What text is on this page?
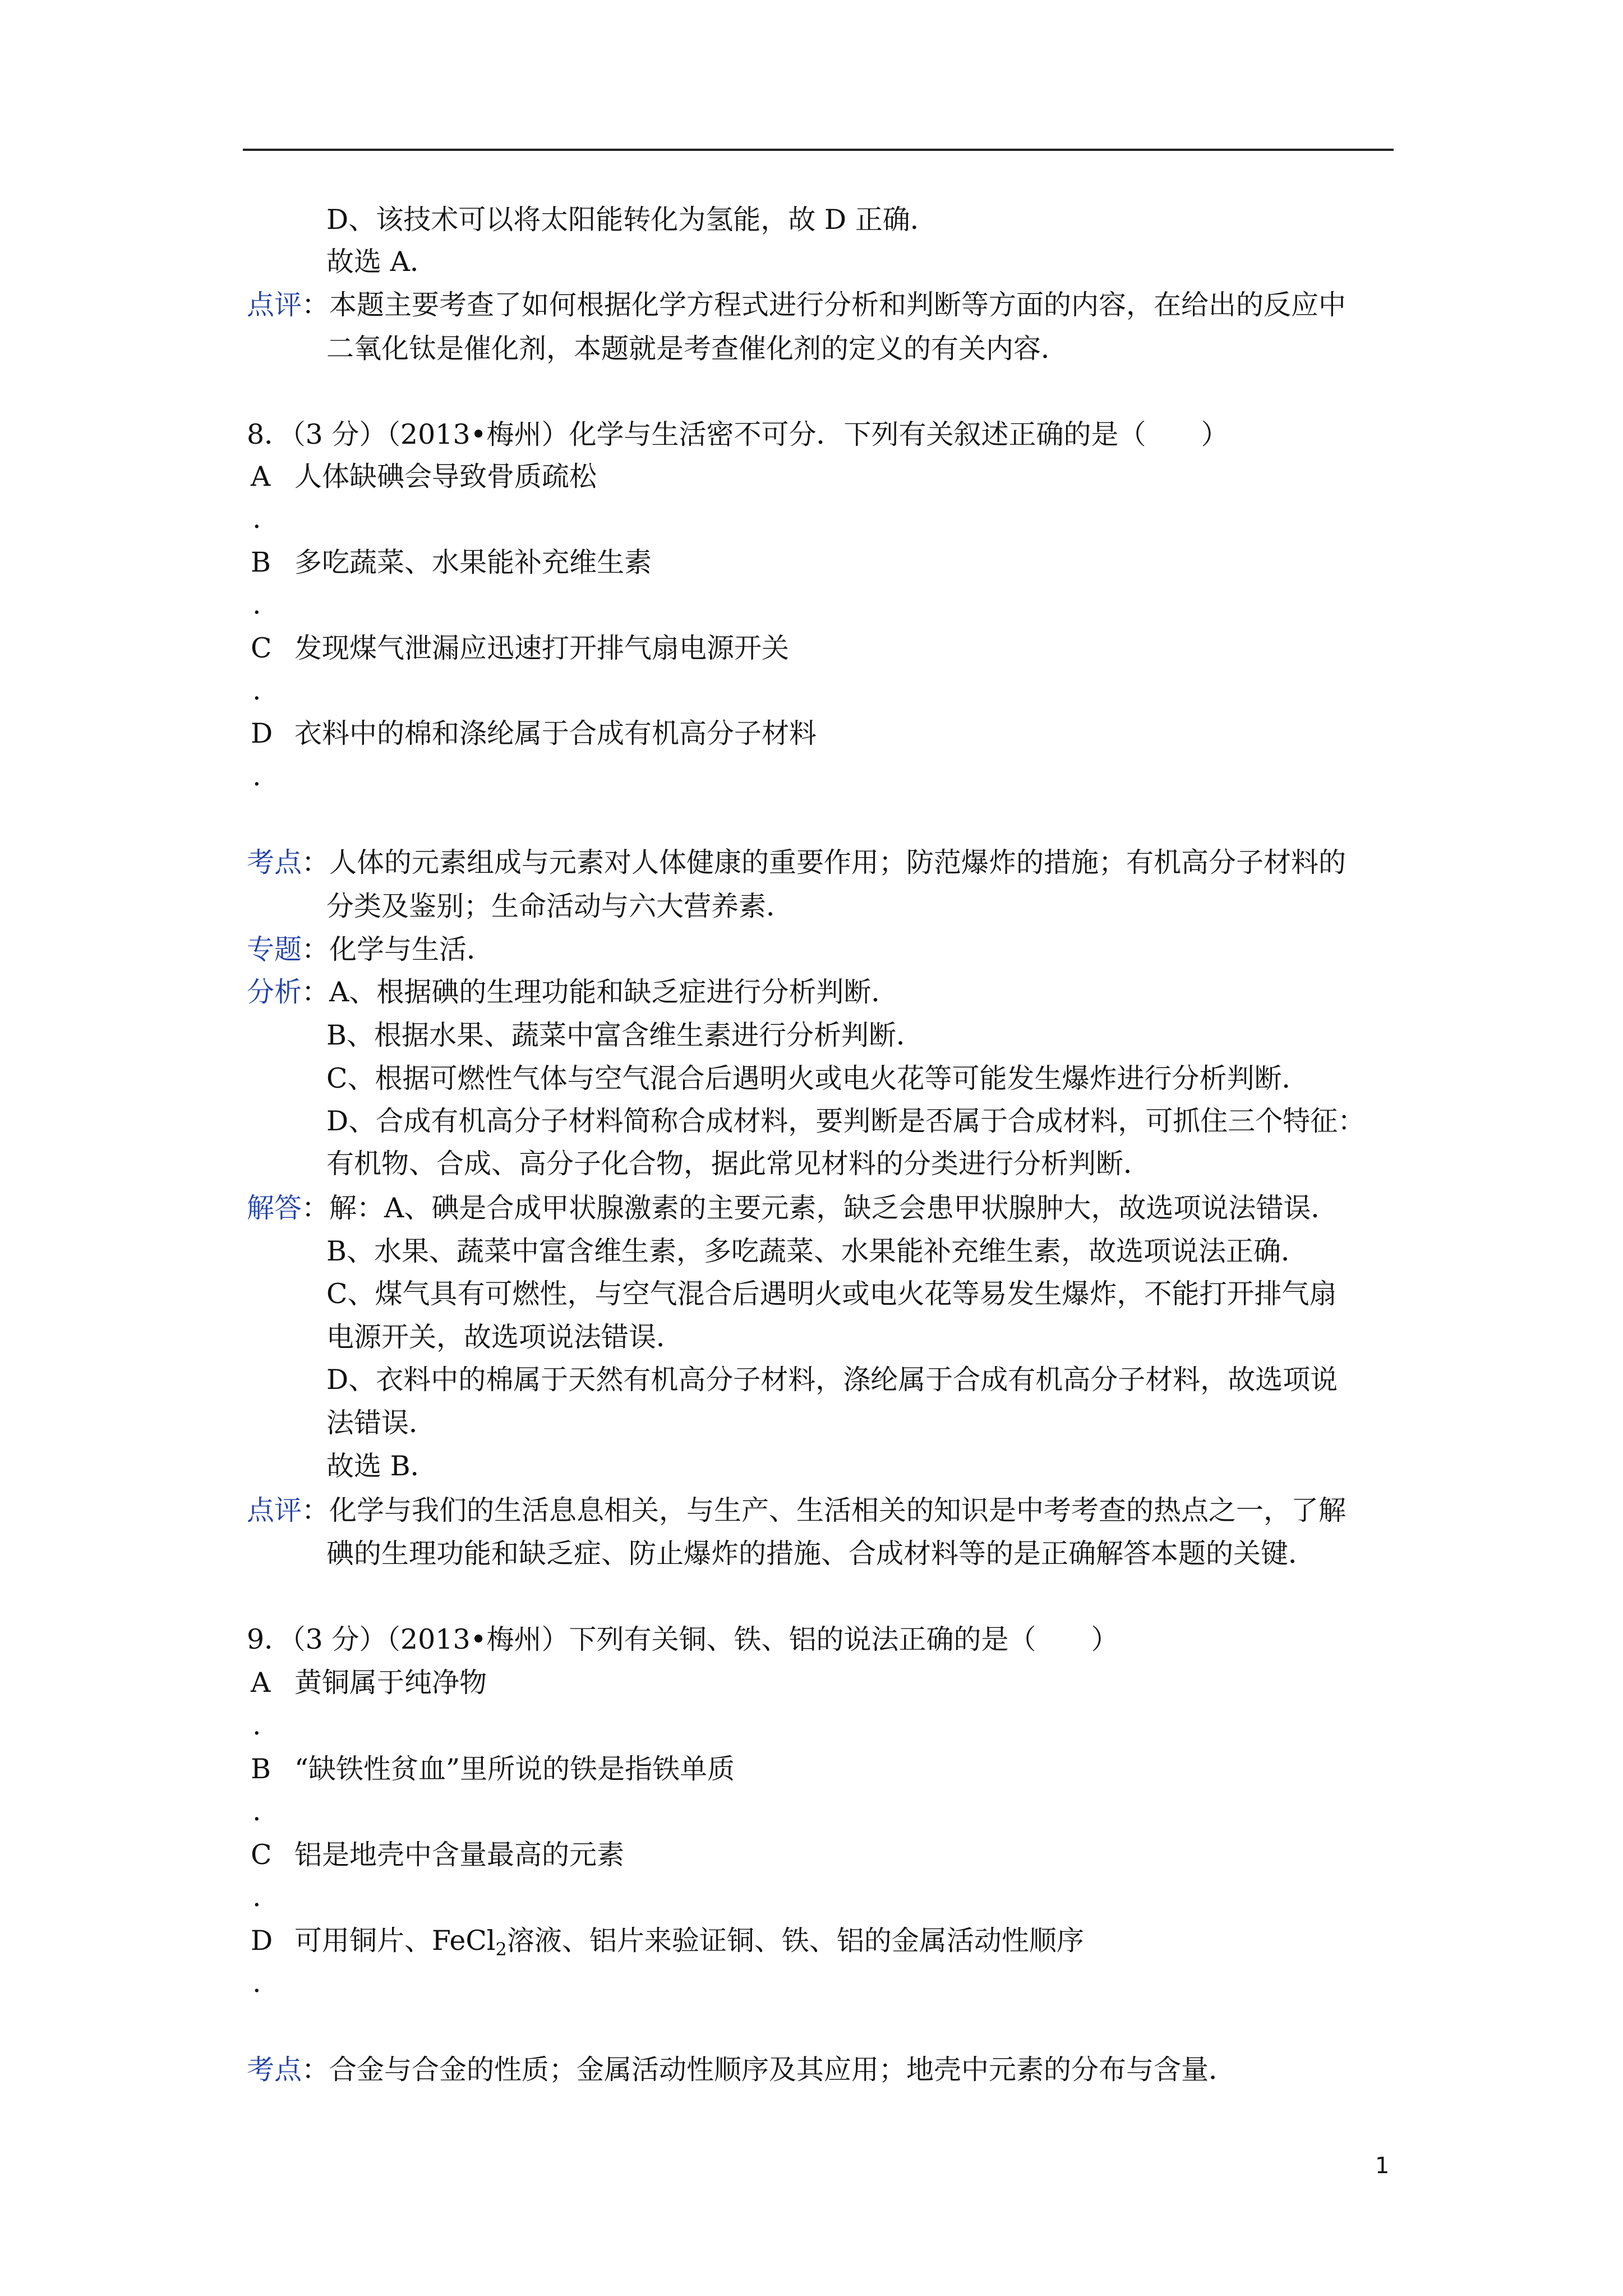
D、该技术可以将太阳能转化为氢能，故 D 正确．
故选 A．
点评：本题主要考查了如何根据化学方程式进行分析和判断等方面的内容，在给出的反应中
二氧化钛是催化剂，本题就是考查催化剂的定义的有关内容．
8．（3 分）（2013•梅州）化学与生活密不可分．下列有关叙述正确的是（　　）
A 人体缺碘会导致骨质疏松
.
B 多吃蔬菜、水果能补充维生素
.
C 发现煤气泄漏应迅速打开排气扇电源开关
.
D 衣料中的棉和涤纶属于合成有机高分子材料
.
考点：人体的元素组成与元素对人体健康的重要作用；防范爆炸的措施；有机高分子材料的
分类及鉴别；生命活动与六大营养素．
专题：化学与生活．
分析：A、根据碘的生理功能和缺乏症进行分析判断．
B、根据水果、蔬菜中富含维生素进行分析判断．
C、根据可燃性气体与空气混合后遇明火或电火花等可能发生爆炸进行分析判断．
D、合成有机高分子材料简称合成材料，要判断是否属于合成材料，可抓住三个特征：
有机物、合成、高分子化合物，据此常见材料的分类进行分析判断．
解答：解：A、碘是合成甲状腺激素的主要元素，缺乏会患甲状腺肿大，故选项说法错误．
B、水果、蔬菜中富含维生素，多吃蔬菜、水果能补充维生素，故选项说法正确．
C、煤气具有可燃性，与空气混合后遇明火或电火花等易发生爆炸，不能打开排气扇
电源开关，故选项说法错误．
D、衣料中的棉属于天然有机高分子材料，涤纶属于合成有机高分子材料，故选项说
法错误．
故选 B．
点评：化学与我们的生活息息相关，与生产、生活相关的知识是中考考查的热点之一，了解
碘的生理功能和缺乏症、防止爆炸的措施、合成材料等的是正确解答本题的关键．
9．（3 分）（2013•梅州）下列有关铜、铁、铝的说法正确的是（　　）
A 黄铜属于纯净物
.
B “缺铁性贫血”里所说的铁是指铁单质
.
C 铝是地壳中含量最高的元素
.
D 可用铜片、FeCl$_2$溶液、铝片来验证铜、铁、铝的金属活动性顺序
.
考点：合金与合金的性质；金属活动性顺序及其应用；地壳中元素的分布与含量．
1
